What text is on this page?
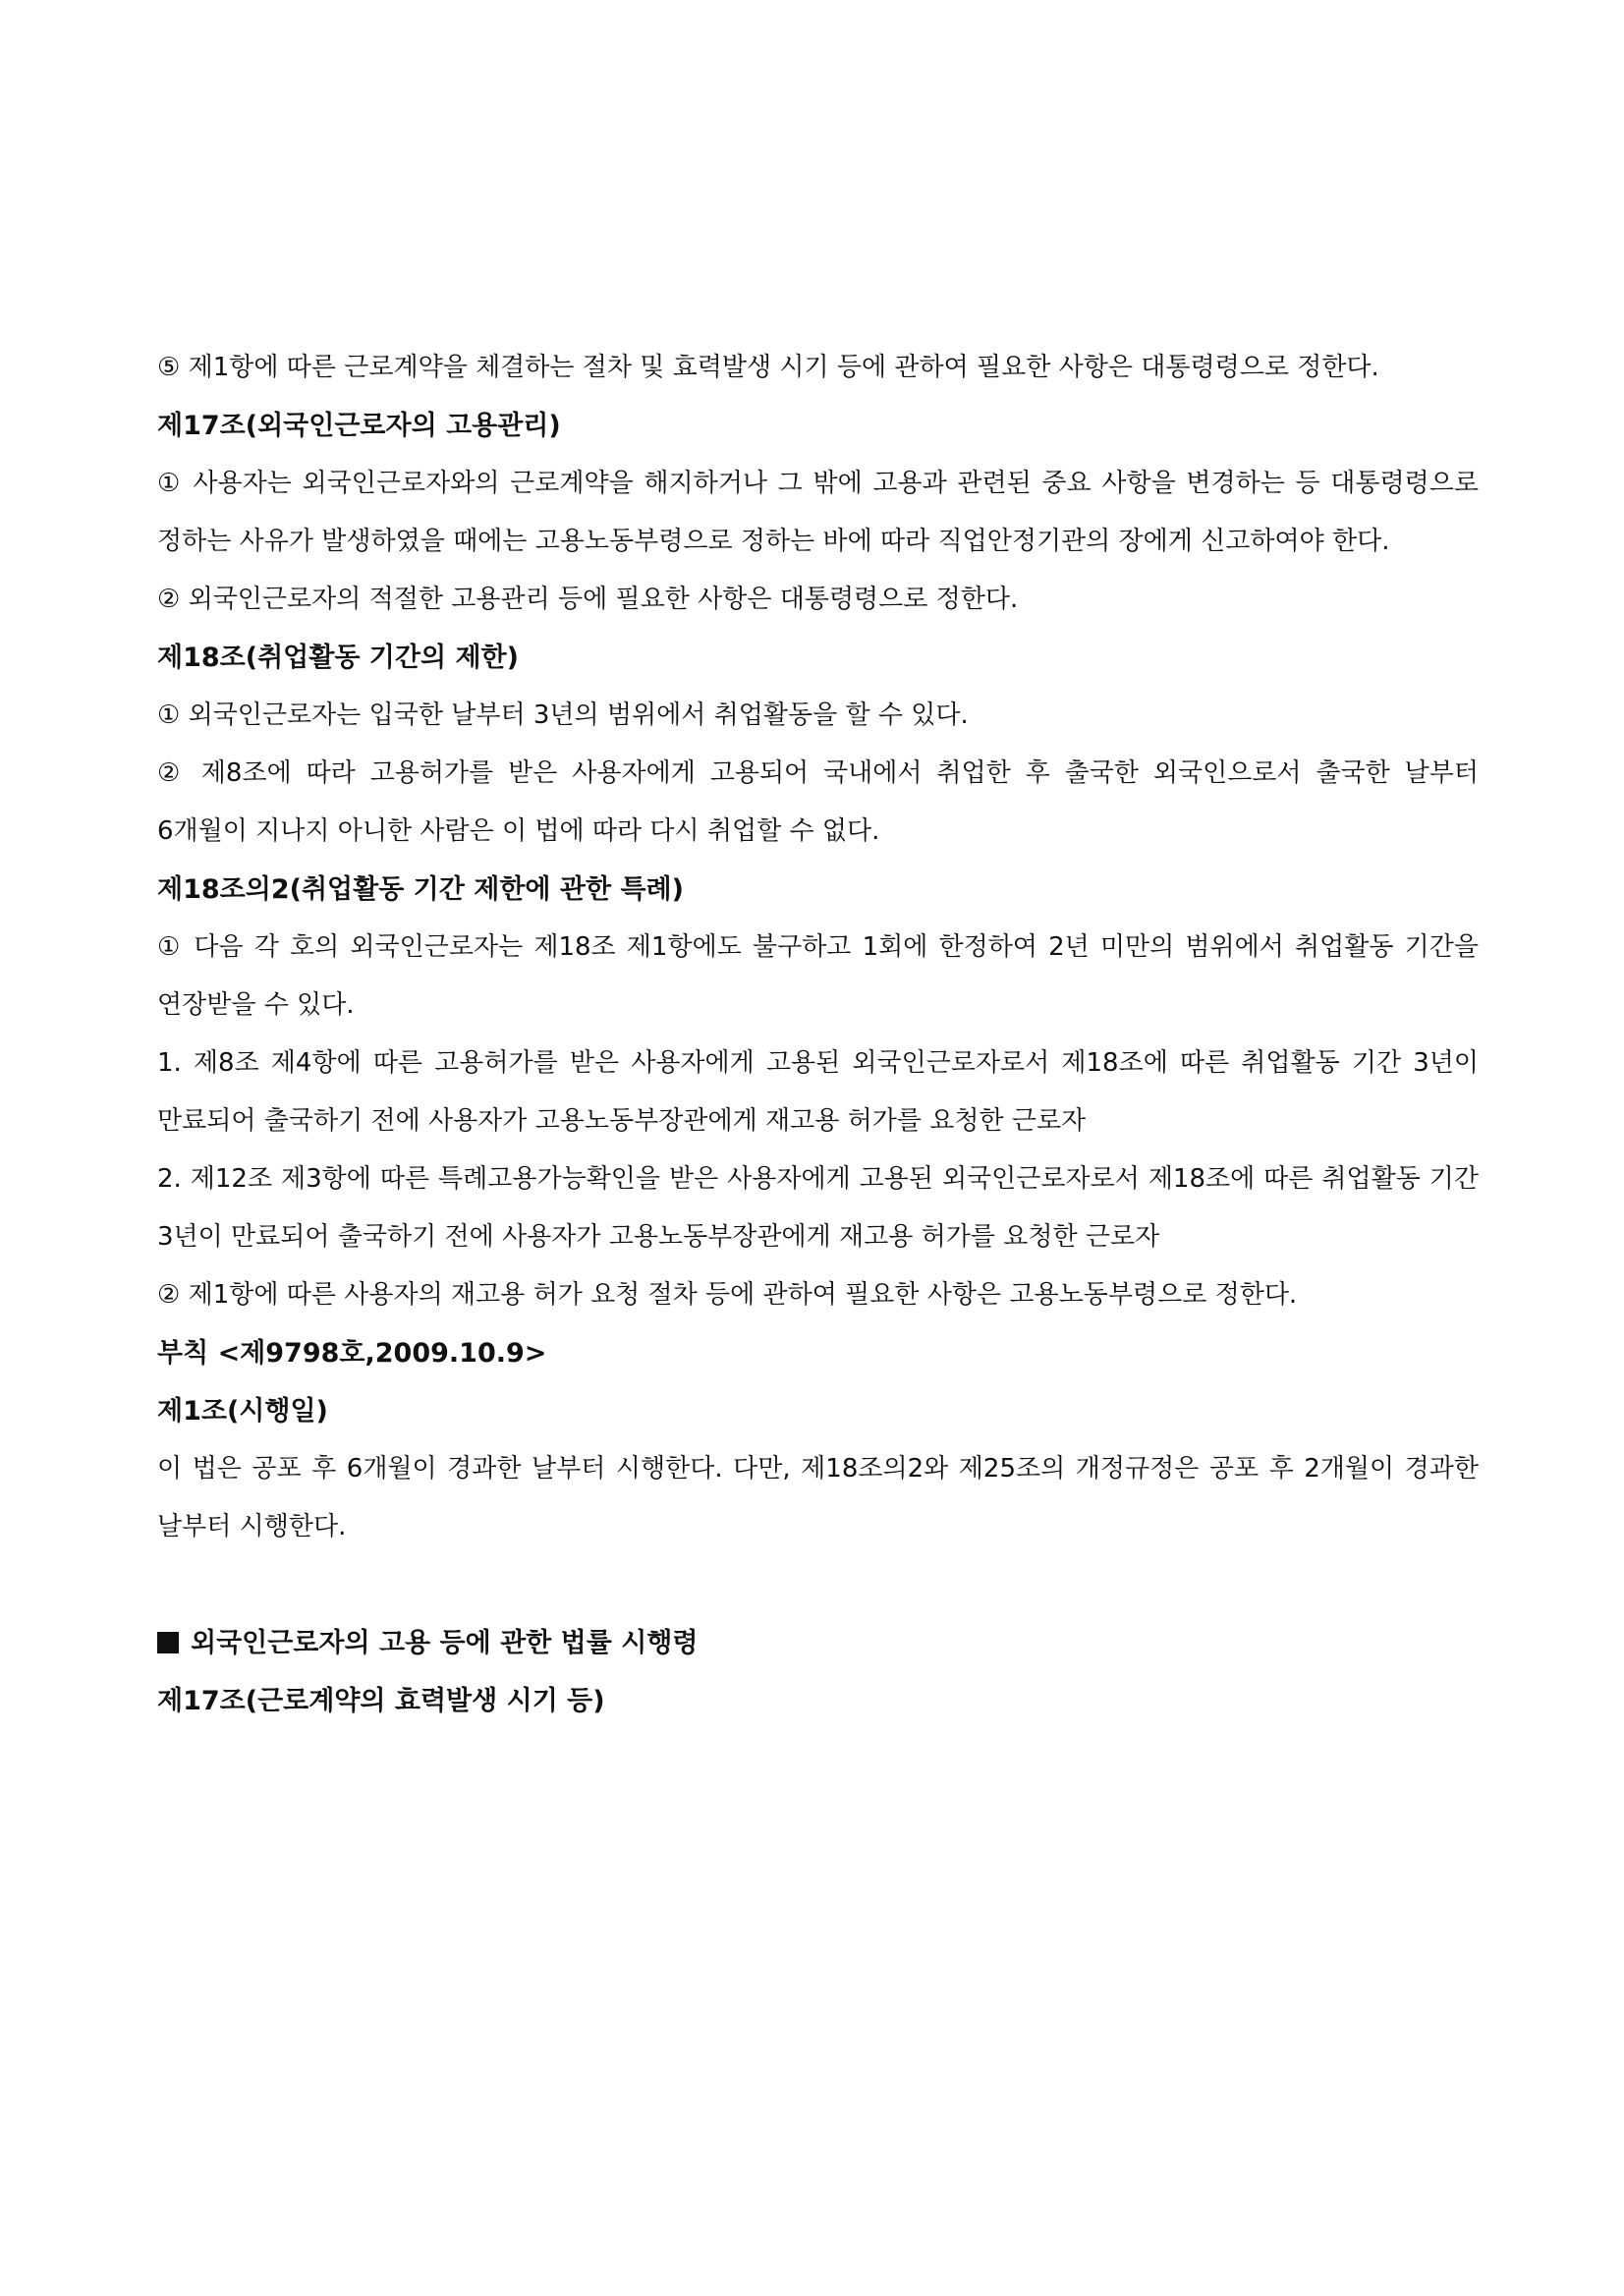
⑤ 제1항에 따른 근로계약을 체결하는 절차 및 효력발생 시기 등에 관하여 필요한 사항은 대통령령으로 정한다.

제17조(외국인근로자의 고용관리)

① 사용자는 외국인근로자와의 근로계약을 해지하거나 그 밖에 고용과 관련된 중요 사항을 변경하는 등 대통령령으로 정하는 사유가 발생하였을 때에는 고용노동부령으로 정하는 바에 따라 직업안정기관의 장에게 신고하여야 한다.

② 외국인근로자의 적절한 고용관리 등에 필요한 사항은 대통령령으로 정한다.

제18조(취업활동 기간의 제한)

① 외국인근로자는 입국한 날부터 3년의 범위에서 취업활동을 할 수 있다.

② 제8조에 따라 고용허가를 받은 사용자에게 고용되어 국내에서 취업한 후 출국한 외국인으로서 출국한 날부터 6개월이 지나지 아니한 사람은 이 법에 따라 다시 취업할 수 없다.

제18조의2(취업활동 기간 제한에 관한 특례)

① 다음 각 호의 외국인근로자는 제18조 제1항에도 불구하고 1회에 한정하여 2년 미만의 범위에서 취업활동 기간을 연장받을 수 있다.

1. 제8조 제4항에 따른 고용허가를 받은 사용자에게 고용된 외국인근로자로서 제18조에 따른 취업활동 기간 3년이 만료되어 출국하기 전에 사용자가 고용노동부장관에게 재고용 허가를 요청한 근로자

2. 제12조 제3항에 따른 특례고용가능확인을 받은 사용자에게 고용된 외국인근로자로서 제18조에 따른 취업활동 기간 3년이 만료되어 출국하기 전에 사용자가 고용노동부장관에게 재고용 허가를 요청한 근로자

② 제1항에 따른 사용자의 재고용 허가 요청 절차 등에 관하여 필요한 사항은 고용노동부령으로 정한다.

부칙 <제9798호,2009.10.9>

제1조(시행일)

이 법은 공포 후 6개월이 경과한 날부터 시행한다. 다만, 제18조의2와 제25조의 개정규정은 공포 후 2개월이 경과한 날부터 시행한다.

외국인근로자의 고용 등에 관한 법률 시행령

제17조(근로계약의 효력발생 시기 등)
